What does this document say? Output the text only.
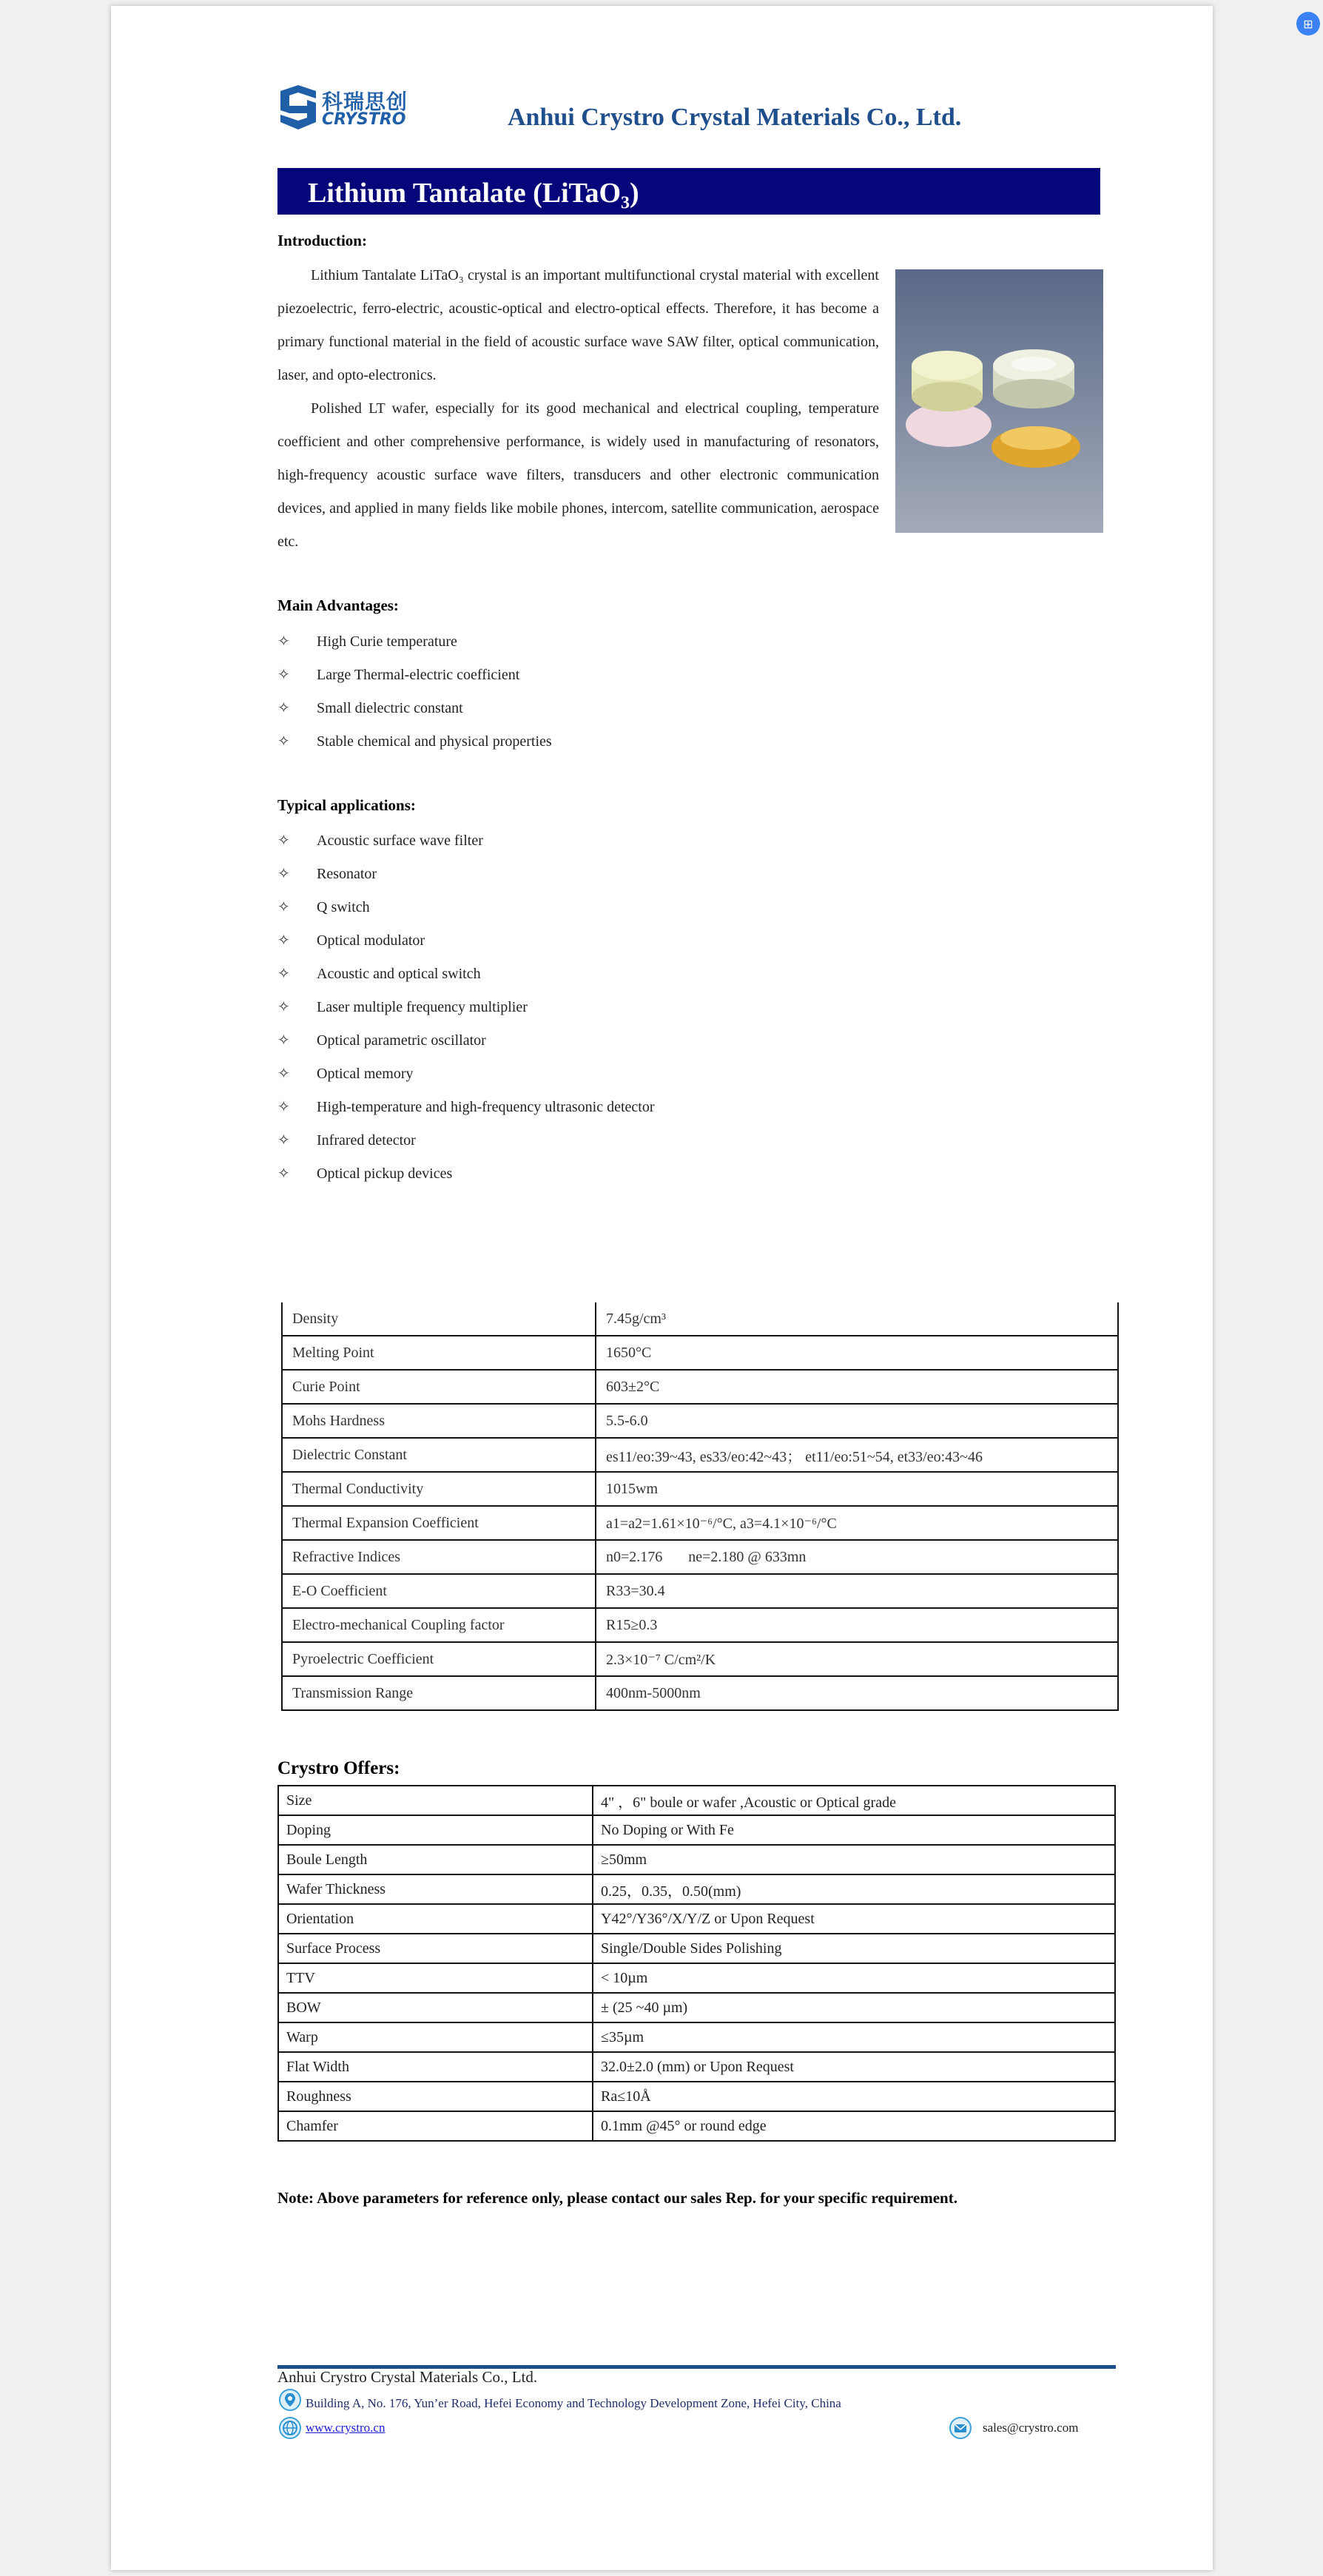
⊞
科瑞思创
CRYSTRO	Anhui Crystro Crystal Materials Co., Ltd.
Lithium Tantalate (LiTaO$_3$)
Introduction:

Lithium Tantalate LiTaO₃ crystal is an important multifunctional crystal material with excellent piezoelectric, ferro-electric, acoustic-optical and electro-optical effects. Therefore, it has become a primary functional material in the field of acoustic surface wave SAW filter, optical communication, laser, and opto-electronics.

Polished LT wafer, especially for its good mechanical and electrical coupling, temperature coefficient and other comprehensive performance, is widely used in manufacturing of resonators, high-frequency acoustic surface wave filters, transducers and other electronic communication devices, and applied in many fields like mobile phones, intercom, satellite communication, aerospace etc.

Main Advantages:
✧ High Curie temperature
✧ Large Thermal-electric coefficient
✧ Small dielectric constant
✧ Stable chemical and physical properties
Typical applications:
✧ Acoustic surface wave filter
✧ Resonator
✧ Q switch
✧ Optical modulator
✧ Acoustic and optical switch
✧ Laser multiple frequency multiplier
✧ Optical parametric oscillator
✧ Optical memory
✧ High-temperature and high-frequency ultrasonic detector
✧ Infrared detector
✧ Optical pickup devices
Density	7.45g/cm³
Melting Point	1650°C
Curie Point	603±2°C
Mohs Hardness	5.5-6.0
Dielectric Constant	es11/eo:39~43, es33/eo:42~43； et11/eo:51~54, et33/eo:43~46
Thermal Conductivity	1015wm
Thermal Expansion Coefficient	a1=a2=1.61×10⁻⁶/°C, a3=4.1×10⁻⁶/°C
Refractive Indices	n0=2.176       ne=2.180 @ 633mn
E-O Coefficient	R33=30.4
Electro-mechanical Coupling factor	R15≥0.3
Pyroelectric Coefficient	2.3×10⁻⁷ C/cm²/K
Transmission Range	400nm-5000nm
Crystro Offers:
Size	4" ，6" boule or wafer ,Acoustic or Optical grade
Doping	No Doping or With Fe
Boule Length	≥50mm
Wafer Thickness	0.25，0.35，0.50(mm)
Orientation	Y42°/Y36°/X/Y/Z or Upon Request
Surface Process	Single/Double Sides Polishing
TTV	< 10µm
BOW	± (25 ~40 µm)
Warp	≤35µm
Flat Width	32.0±2.0 (mm) or Upon Request
Roughness	Ra≤10Å
Chamfer	0.1mm @45° or round edge
Note: Above parameters for reference only, please contact our sales Rep. for your specific requirement.
Anhui Crystro Crystal Materials Co., Ltd.
Building A, No. 176, Yun’er Road, Hefei Economy and Technology Development Zone, Hefei City, China
www.crystro.cn	sales@crystro.com
